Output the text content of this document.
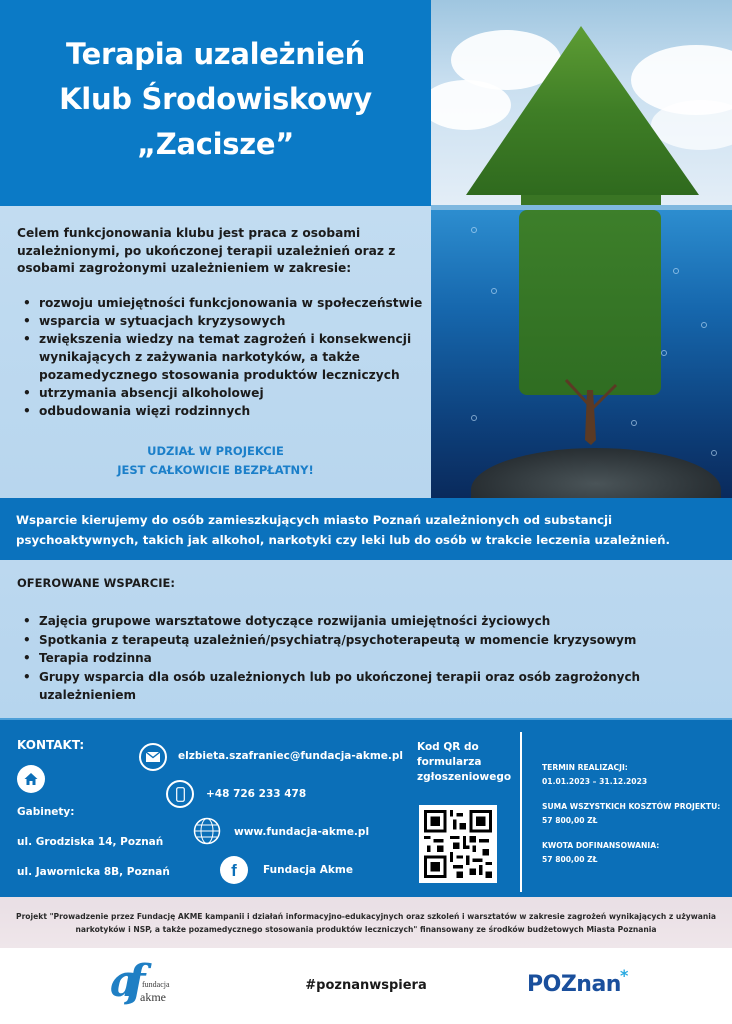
Terapia uzależnień
Klub Środowiskowy
„Zacisze”

Celem funkcjonowania klubu jest praca z osobami uzależnionymi, po ukończonej terapii uzależnień oraz z osobami zagrożonymi uzależnieniem w zakresie:

• rozwoju umiejętności funkcjonowania w społeczeństwie
• wsparcia w sytuacjach kryzysowych
• zwiększenia wiedzy na temat zagrożeń i konsekwencji wynikających z zażywania narkotyków, a także pozamedycznego stosowania produktów leczniczych
• utrzymania absencji alkoholowej
• odbudowania więzi rodzinnych
UDZIAŁ W PROJEKCIE
JEST CAŁKOWICIE BEZPŁATNY!

Wsparcie kierujemy do osób zamieszkujących miasto Poznań uzależnionych od substancji psychoaktywnych, takich jak alkohol, narkotyki czy leki lub do osób w trakcie leczenia uzależnień.

OFEROWANE WSPARCIE:
• Zajęcia grupowe warsztatowe dotyczące rozwijania umiejętności życiowych
• Spotkania z terapeutą uzależnień/psychiatrą/psychoterapeutą w momencie kryzysowym
• Terapia rodzinna
• Grupy wsparcia dla osób uzależnionych lub po ukończonej terapii oraz osób zagrożonych uzależnieniem
KONTAKT:
Gabinety:
ul. Grodziska 14, Poznań
ul. Jawornicka 8B, Poznań
elzbieta.szafraniec@fundacja-akme.pl
+48 726 233 478
www.fundacja-akme.pl
f Fundacja Akme
Kod QR do
formularza
zgłoszeniowego
TERMIN REALIZACJI:
01.01.2023 – 31.12.2023
SUMA WSZYSTKICH KOSZTÓW PROJEKTU:
57 800,00 ZŁ
KWOTA DOFINANSOWANIA:
57 800,00 ZŁ

Projekt "Prowadzenie przez Fundację AKME kampanii i działań informacyjno-edukacyjnych oraz szkoleń i warsztatów w zakresie zagrożeń wynikających z używania narkotyków i NSP, a także pozamedycznego stosowania produktów leczniczych" finansowany ze środków budżetowych Miasta Poznania

af fundacja
akme
#poznanwspiera	POZnan *
